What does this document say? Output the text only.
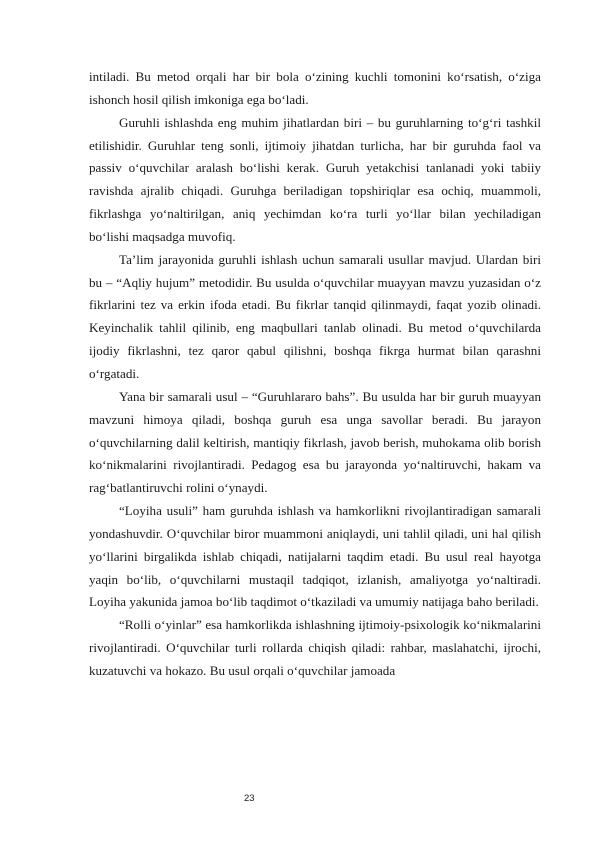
intiladi. Bu metod orqali har bir bola o‘zining kuchli tomonini ko‘rsatish, o‘ziga ishonch hosil qilish imkoniga ega bo‘ladi.

Guruhli ishlashda eng muhim jihatlardan biri – bu guruhlarning to‘g‘ri tashkil etilishidir. Guruhlar teng sonli, ijtimoiy jihatdan turlicha, har bir guruhda faol va passiv o‘quvchilar aralash bo‘lishi kerak. Guruh yetakchisi tanlanadi yoki tabiiy ravishda ajralib chiqadi. Guruhga beriladigan topshiriqlar esa ochiq, muammoli, fikrlashga yo‘naltirilgan, aniq yechimdan ko‘ra turli yo‘llar bilan yechiladigan bo‘lishi maqsadga muvofiq.

Ta’lim jarayonida guruhli ishlash uchun samarali usullar mavjud. Ulardan biri bu – “Aqliy hujum” metodidir. Bu usulda o‘quvchilar muayyan mavzu yuzasidan o‘z fikrlarini tez va erkin ifoda etadi. Bu fikrlar tanqid qilinmaydi, faqat yozib olinadi. Keyinchalik tahlil qilinib, eng maqbullari tanlab olinadi. Bu metod o‘quvchilarda ijodiy fikrlashni, tez qaror qabul qilishni, boshqa fikrga hurmat bilan qarashni o‘rgatadi.

Yana bir samarali usul – “Guruhlararo bahs”. Bu usulda har bir guruh muayyan mavzuni himoya qiladi, boshqa guruh esa unga savollar beradi. Bu jarayon o‘quvchilarning dalil keltirish, mantiqiy fikrlash, javob berish, muhokama olib borish ko‘nikmalarini rivojlantiradi. Pedagog esa bu jarayonda yo‘naltiruvchi, hakam va rag‘batlantiruvchi rolini o‘ynaydi.

“Loyiha usuli” ham guruhda ishlash va hamkorlikni rivojlantiradigan samarali yondashuvdir. O‘quvchilar biror muammoni aniqlaydi, uni tahlil qiladi, uni hal qilish yo‘llarini birgalikda ishlab chiqadi, natijalarni taqdim etadi. Bu usul real hayotga yaqin bo‘lib, o‘quvchilarni mustaqil tadqiqot, izlanish, amaliyotga yo‘naltiradi. Loyiha yakunida jamoa bo‘lib taqdimot o‘tkaziladi va umumiy natijaga baho beriladi.

“Rolli o‘yinlar” esa hamkorlikda ishlashning ijtimoiy-psixologik ko‘nikmalarini rivojlantiradi. O‘quvchilar turli rollarda chiqish qiladi: rahbar, maslahatchi, ijrochi, kuzatuvchi va hokazo. Bu usul orqali o‘quvchilar jamoada

23
